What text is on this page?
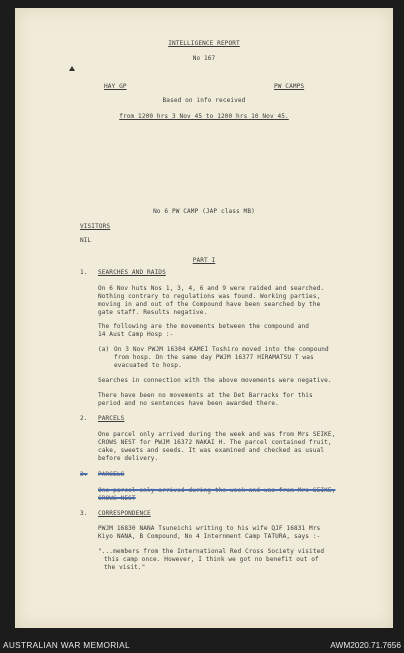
INTELLIGENCE REPORT
No 167
HAY GP	PW CAMPS
Based on info received
from 1200 hrs 3 Nov 45 to 1200 hrs 10 Nov 45.
No 6 PW CAMP (JAP class MB)
VISITORS
NIL
PART I
1. SEARCHES AND RAIDS
On 6 Nov huts Nos 1, 3, 4, 6 and 9 were raided and searched.
Nothing contrary to regulations was found. Working parties,
moving in and out of the Compound have been searched by the
gate staff. Results negative.
The following are the movements between the compound and
14 Aust Camp Hosp :-
(a) On 3 Nov PWJM 16304 KAMEI Toshiro moved into the compound
from hosp. On the same day PWJM 16377 HIRAMATSU T was
evacuated to hosp.
Searches in connection with the above movements were negative.
There have been no movements at the Det Barracks for this
period and no sentences have been awarded there.
2. PARCELS
One parcel only arrived during the week and was from Mrs SEIKE,
CROWS NEST for PWJM 16372 NAKAI H. The parcel contained fruit,
cake, sweets and seeds. It was examined and checked as usual
before delivery.
3. PARCELS
One parcel only arrived during the week and was from Mrs SEIKE,
CROWS NEST
3. CORRESPONDENCE
PWJM 16830 NANA Tsuneichi writing to his wife QJF 16831 Mrs
Kiyo NANA, B Compound, No 4 Internment Camp TATURA, says :-
"...members from the International Red Cross Society visited
this camp once. However, I think we got no benefit out of
the visit."
AUSTRALIAN WAR MEMORIAL	AWM2020.71.7656
